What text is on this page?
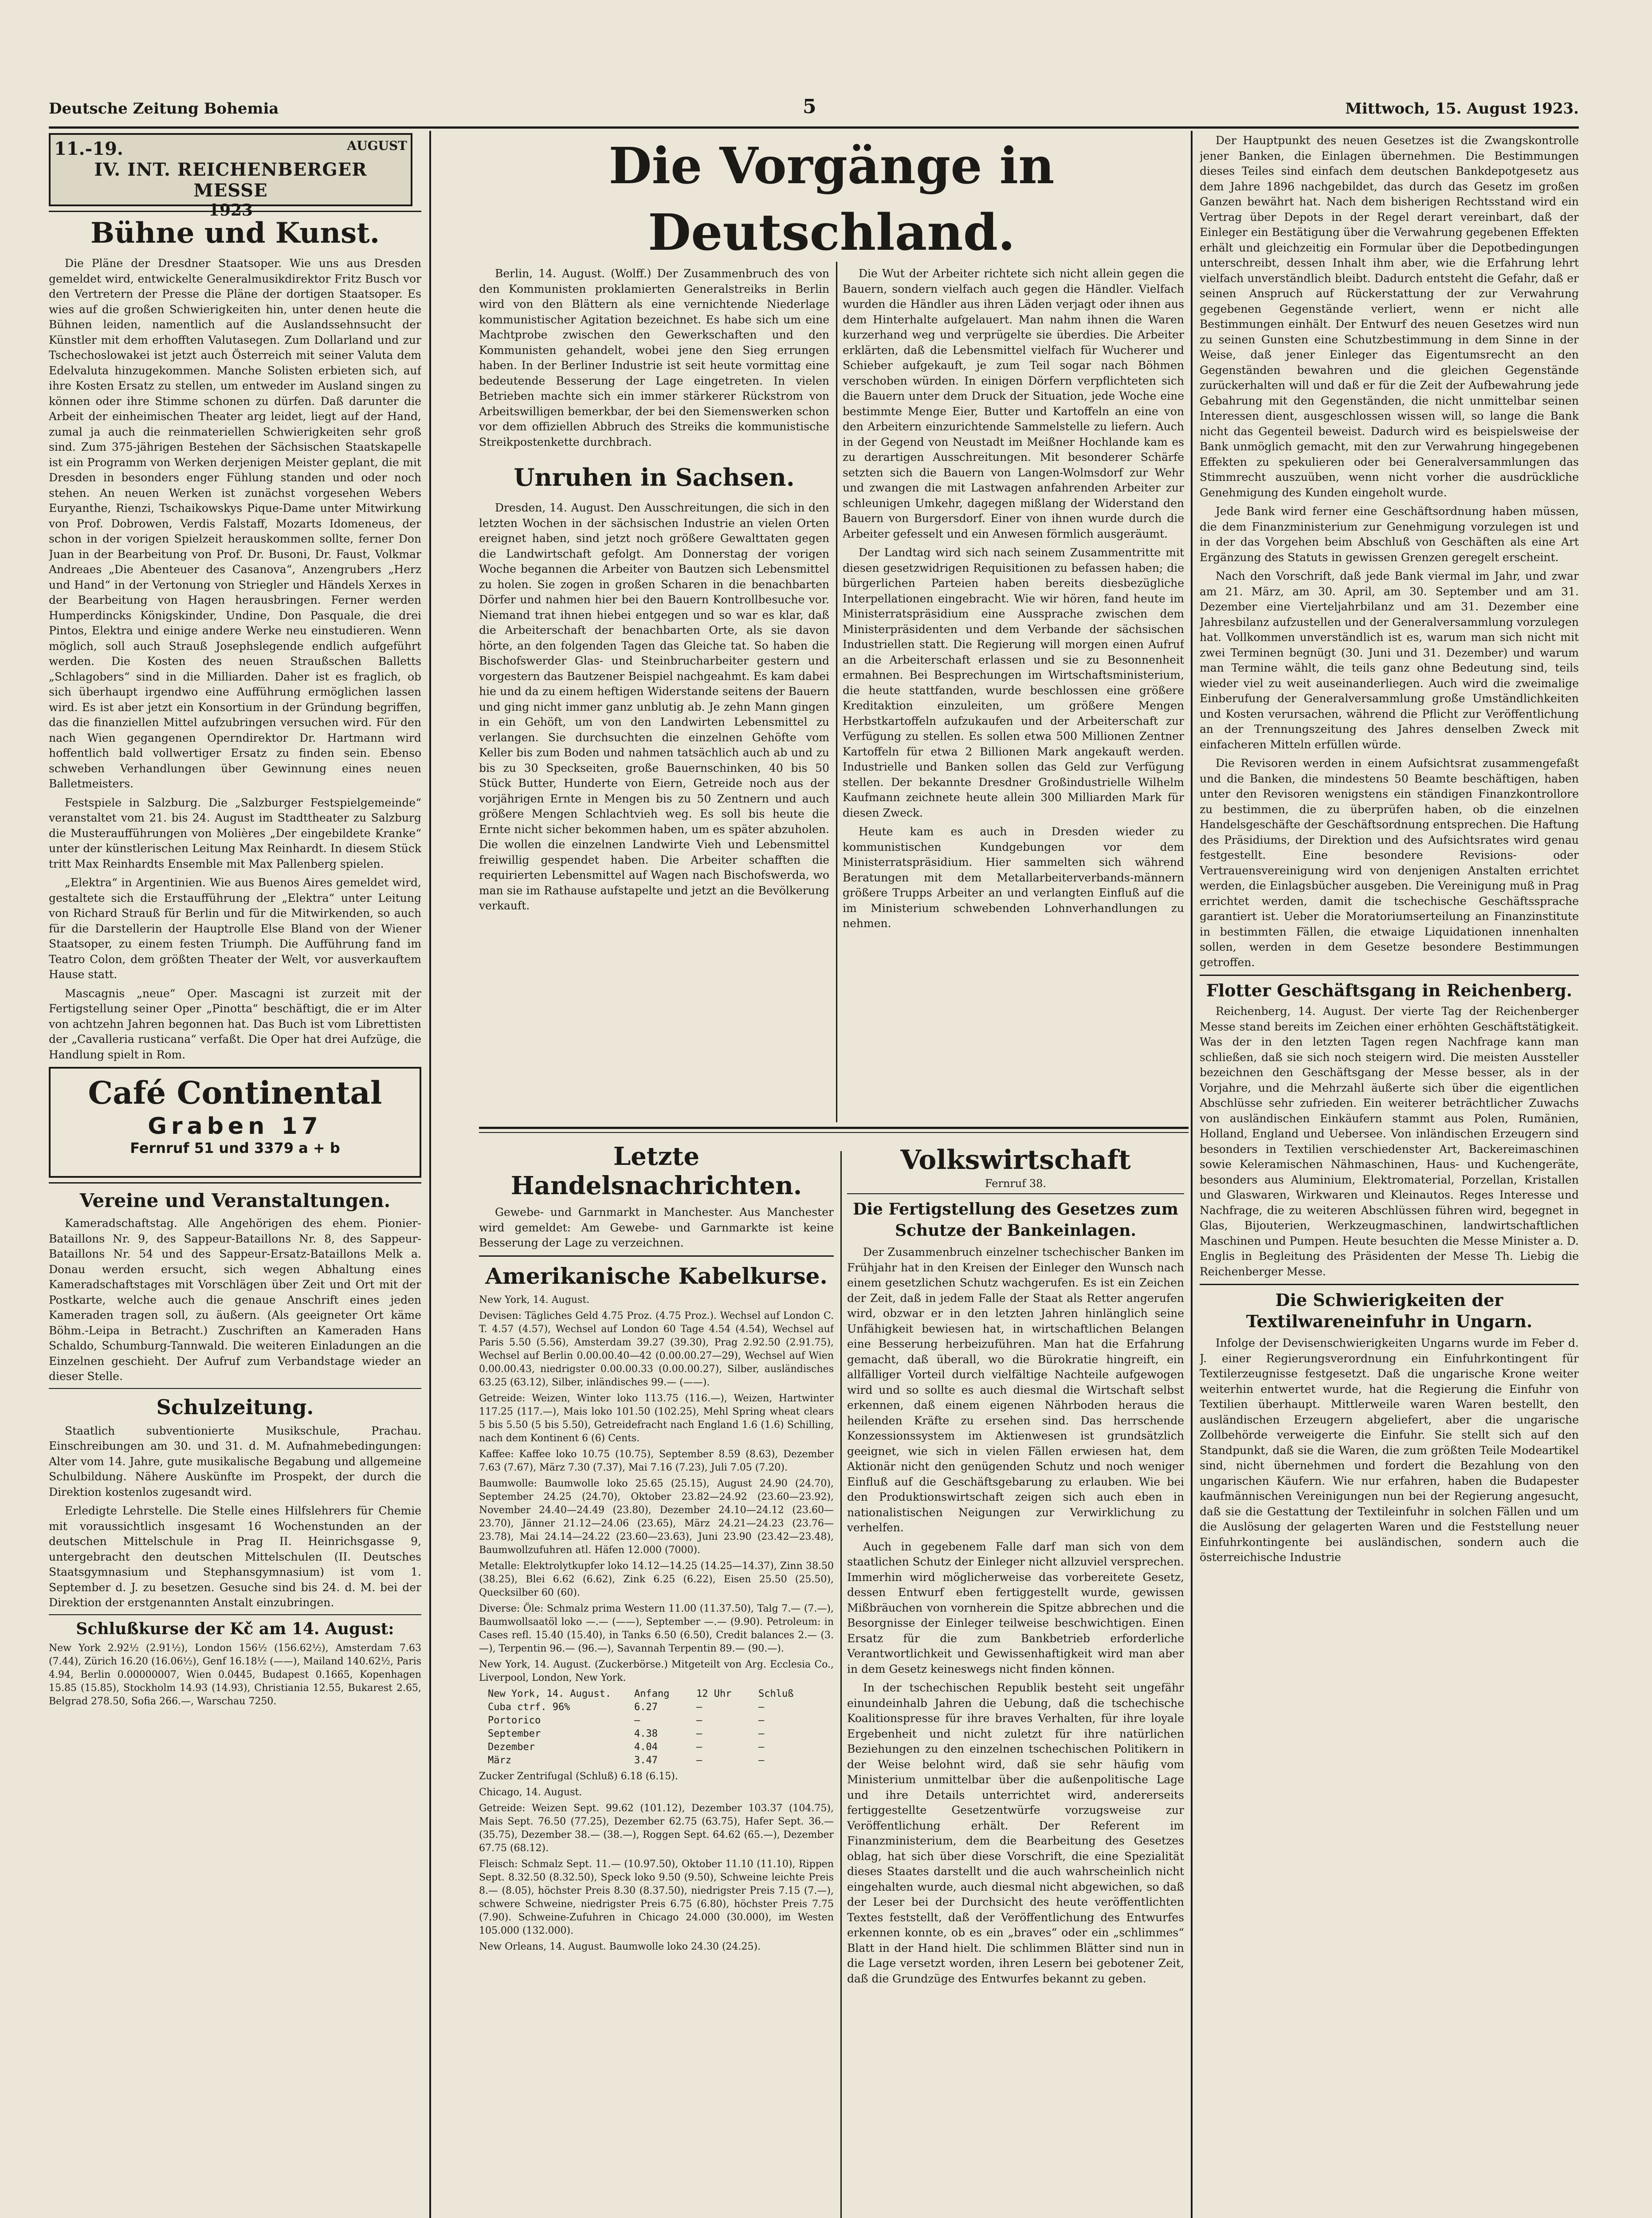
Deutsche Zeitung Bohemia	5	Mittwoch, 15. August 1923.
11.-19.	AUGUST
IV. INT. REICHENBERGER MESSE
1923
Bühne und Kunst.

Die Pläne der Dresdner Staatsoper. Wie uns aus Dresden gemeldet wird, entwickelte Generalmusikdirektor Fritz Busch vor den Vertretern der Presse die Pläne der dortigen Staatsoper. Es wies auf die großen Schwierigkeiten hin, unter denen heute die Bühnen leiden, namentlich auf die Auslandssehnsucht der Künstler mit dem erhofften Valutasegen. Zum Dollarland und zur Tschechoslowakei ist jetzt auch Österreich mit seiner Valuta dem Edelvaluta hinzugekommen. Manche Solisten erbieten sich, auf ihre Kosten Ersatz zu stellen, um entweder im Ausland singen zu können oder ihre Stimme schonen zu dürfen. Daß darunter die Arbeit der einheimischen Theater arg leidet, liegt auf der Hand, zumal ja auch die reinmateriellen Schwierigkeiten sehr groß sind. Zum 375-jährigen Bestehen der Sächsischen Staatskapelle ist ein Programm von Werken derjenigen Meister geplant, die mit Dresden in besonders enger Fühlung standen und oder noch stehen. An neuen Werken ist zunächst vorgesehen Webers Euryanthe, Rienzi, Tschaikowskys Pique-Dame unter Mitwirkung von Prof. Dobrowen, Verdis Falstaff, Mozarts Idomeneus, der schon in der vorigen Spielzeit herauskommen sollte, ferner Don Juan in der Bearbeitung von Prof. Dr. Busoni, Dr. Faust, Volkmar Andreaes „Die Abenteuer des Casanova“, Anzengrubers „Herz und Hand“ in der Vertonung von Striegler und Händels Xerxes in der Bearbeitung von Hagen herausbringen. Ferner werden Humperdincks Königskinder, Undine, Don Pasquale, die drei Pintos, Elektra und einige andere Werke neu einstudieren. Wenn möglich, soll auch Strauß Josephslegende endlich aufgeführt werden. Die Kosten des neuen Straußschen Balletts „Schlagobers“ sind in die Milliarden. Daher ist es fraglich, ob sich überhaupt irgendwo eine Aufführung ermöglichen lassen wird. Es ist aber jetzt ein Konsortium in der Gründung begriffen, das die finanziellen Mittel aufzubringen versuchen wird. Für den nach Wien gegangenen Operndirektor Dr. Hartmann wird hoffentlich bald vollwertiger Ersatz zu finden sein. Ebenso schweben Verhandlungen über Gewinnung eines neuen Balletmeisters.

Festspiele in Salzburg. Die „Salzburger Festspielgemeinde“ veranstaltet vom 21. bis 24. August im Stadttheater zu Salzburg die Musteraufführungen von Molières „Der eingebildete Kranke“ unter der künstlerischen Leitung Max Reinhardt. In diesem Stück tritt Max Reinhardts Ensemble mit Max Pallenberg spielen.

„Elektra“ in Argentinien. Wie aus Buenos Aires gemeldet wird, gestaltete sich die Erstaufführung der „Elektra“ unter Leitung von Richard Strauß für Berlin und für die Mitwirkenden, so auch für die Darstellerin der Hauptrolle Else Bland von der Wiener Staatsoper, zu einem festen Triumph. Die Aufführung fand im Teatro Colon, dem größten Theater der Welt, vor ausverkauftem Hause statt.

Mascagnis „neue“ Oper. Mascagni ist zurzeit mit der Fertigstellung seiner Oper „Pinotta“ beschäftigt, die er im Alter von achtzehn Jahren begonnen hat. Das Buch ist vom Librettisten der „Cavalleria rusticana“ verfaßt. Die Oper hat drei Aufzüge, die Handlung spielt in Rom.

Café Continental
Graben 17
Fernruf 51 und 3379 a + b
Vereine und Veranstaltungen.

Kameradschaftstag. Alle Angehörigen des ehem. Pionier-Bataillons Nr. 9, des Sappeur-Bataillons Nr. 8, des Sappeur-Bataillons Nr. 54 und des Sappeur-Ersatz-Bataillons Melk a. Donau werden ersucht, sich wegen Abhaltung eines Kameradschaftstages mit Vorschlägen über Zeit und Ort mit der Postkarte, welche auch die genaue Anschrift eines jeden Kameraden tragen soll, zu äußern. (Als geeigneter Ort käme Böhm.-Leipa in Betracht.) Zuschriften an Kameraden Hans Schaldo, Schumburg-Tannwald. Die weiteren Einladungen an die Einzelnen geschieht. Der Aufruf zum Verbandstage wieder an dieser Stelle.

Schulzeitung.

Staatlich subventionierte Musikschule, Prachau. Einschreibungen am 30. und 31. d. M. Aufnahmebedingungen: Alter vom 14. Jahre, gute musikalische Begabung und allgemeine Schulbildung. Nähere Auskünfte im Prospekt, der durch die Direktion kostenlos zugesandt wird.

Erledigte Lehrstelle. Die Stelle eines Hilfslehrers für Chemie mit voraussichtlich insgesamt 16 Wochenstunden an der deutschen Mittelschule in Prag II. Heinrichsgasse 9, untergebracht den deutschen Mittelschulen (II. Deutsches Staatsgymnasium und Stephansgymnasium) ist vom 1. September d. J. zu besetzen. Gesuche sind bis 24. d. M. bei der Direktion der erstgenannten Anstalt einzubringen.

Schlußkurse der Kč am 14. August:

New York 2.92½ (2.91½), London 156½ (156.62½), Amsterdam 7.63 (7.44), Zürich 16.20 (16.06½), Genf 16.18½ (——), Mailand 140.62½, Paris 4.94, Berlin 0.00000007, Wien 0.0445, Budapest 0.1665, Kopenhagen 15.85 (15.85), Stockholm 14.93 (14.93), Christiania 12.55, Bukarest 2.65, Belgrad 278.50, Sofia 266.—, Warschau 7250.

Die Vorgänge in Deutschland.

Berlin, 14. August. (Wolff.) Der Zusammenbruch des von den Kommunisten proklamierten Generalstreiks in Berlin wird von den Blättern als eine vernichtende Niederlage kommunistischer Agitation bezeichnet. Es habe sich um eine Machtprobe zwischen den Gewerkschaften und den Kommunisten gehandelt, wobei jene den Sieg errungen haben. In der Berliner Industrie ist seit heute vormittag eine bedeutende Besserung der Lage eingetreten. In vielen Betrieben machte sich ein immer stärkerer Rückstrom von Arbeitswilligen bemerkbar, der bei den Siemenswerken schon vor dem offiziellen Abbruch des Streiks die kommunistische Streikpostenkette durchbrach.

Unruhen in Sachsen.

Dresden, 14. August. Den Ausschreitungen, die sich in den letzten Wochen in der sächsischen Industrie an vielen Orten ereignet haben, sind jetzt noch größere Gewalttaten gegen die Landwirtschaft gefolgt. Am Donnerstag der vorigen Woche begannen die Arbeiter von Bautzen sich Lebensmittel zu holen. Sie zogen in großen Scharen in die benachbarten Dörfer und nahmen hier bei den Bauern Kontrollbesuche vor. Niemand trat ihnen hiebei entgegen und so war es klar, daß die Arbeiterschaft der benachbarten Orte, als sie davon hörte, an den folgenden Tagen das Gleiche tat. So haben die Bischofswerder Glas- und Steinbrucharbeiter gestern und vorgestern das Bautzener Beispiel nachgeahmt. Es kam dabei hie und da zu einem heftigen Widerstande seitens der Bauern und ging nicht immer ganz unblutig ab. Je zehn Mann gingen in ein Gehöft, um von den Landwirten Lebensmittel zu verlangen. Sie durchsuchten die einzelnen Gehöfte vom Keller bis zum Boden und nahmen tatsächlich auch ab und zu bis zu 30 Speckseiten, große Bauernschinken, 40 bis 50 Stück Butter, Hunderte von Eiern, Getreide noch aus der vorjährigen Ernte in Mengen bis zu 50 Zentnern und auch größere Mengen Schlachtvieh weg. Es soll bis heute die Ernte nicht sicher bekommen haben, um es später abzuholen. Die wollen die einzelnen Landwirte Vieh und Lebensmittel freiwillig gespendet haben. Die Arbeiter schafften die requirierten Lebensmittel auf Wagen nach Bischofswerda, wo man sie im Rathause aufstapelte und jetzt an die Bevölkerung verkauft.

Die Wut der Arbeiter richtete sich nicht allein gegen die Bauern, sondern vielfach auch gegen die Händler. Vielfach wurden die Händler aus ihren Läden verjagt oder ihnen aus dem Hinterhalte aufgelauert. Man nahm ihnen die Waren kurzerhand weg und verprügelte sie überdies. Die Arbeiter erklärten, daß die Lebensmittel vielfach für Wucherer und Schieber aufgekauft, je zum Teil sogar nach Böhmen verschoben würden. In einigen Dörfern verpflichteten sich die Bauern unter dem Druck der Situation, jede Woche eine bestimmte Menge Eier, Butter und Kartoffeln an eine von den Arbeitern einzurichtende Sammelstelle zu liefern. Auch in der Gegend von Neustadt im Meißner Hochlande kam es zu derartigen Ausschreitungen. Mit besonderer Schärfe setzten sich die Bauern von Langen-Wolmsdorf zur Wehr und zwangen die mit Lastwagen anfahrenden Arbeiter zur schleunigen Umkehr, dagegen mißlang der Widerstand den Bauern von Burgersdorf. Einer von ihnen wurde durch die Arbeiter gefesselt und ein Anwesen förmlich ausgeräumt.

Der Landtag wird sich nach seinem Zusammentritte mit diesen gesetzwidrigen Requisitionen zu befassen haben; die bürgerlichen Parteien haben bereits diesbezügliche Interpellationen eingebracht. Wie wir hören, fand heute im Ministerratspräsidium eine Aussprache zwischen dem Ministerpräsidenten und dem Verbande der sächsischen Industriellen statt. Die Regierung will morgen einen Aufruf an die Arbeiterschaft erlassen und sie zu Besonnenheit ermahnen. Bei Besprechungen im Wirtschaftsministerium, die heute stattfanden, wurde beschlossen eine größere Kreditaktion einzuleiten, um größere Mengen Herbstkartoffeln aufzukaufen und der Arbeiterschaft zur Verfügung zu stellen. Es sollen etwa 500 Millionen Zentner Kartoffeln für etwa 2 Billionen Mark angekauft werden. Industrielle und Banken sollen das Geld zur Verfügung stellen. Der bekannte Dresdner Großindustrielle Wilhelm Kaufmann zeichnete heute allein 300 Milliarden Mark für diesen Zweck.

Heute kam es auch in Dresden wieder zu kommunistischen Kundgebungen vor dem Ministerratspräsidium. Hier sammelten sich während Beratungen mit dem Metallarbeiterverbands-männern größere Trupps Arbeiter an und verlangten Einfluß auf die im Ministerium schwebenden Lohnverhandlungen zu nehmen.

Letzte Handelsnachrichten.

Gewebe- und Garnmarkt in Manchester. Aus Manchester wird gemeldet: Am Gewebe- und Garnmarkte ist keine Besserung der Lage zu verzeichnen.

Amerikanische Kabelkurse.

New York, 14. August.

Devisen: Tägliches Geld 4.75 Proz. (4.75 Proz.). Wechsel auf London C. T. 4.57 (4.57), Wechsel auf London 60 Tage 4.54 (4.54), Wechsel auf Paris 5.50 (5.56), Amsterdam 39.27 (39.30), Prag 2.92.50 (2.91.75), Wechsel auf Berlin 0.00.00.40—42 (0.00.00.27—29), Wechsel auf Wien 0.00.00.43, niedrigster 0.00.00.33 (0.00.00.27), Silber, ausländisches 63.25 (63.12), Silber, inländisches 99.— (——).

Getreide: Weizen, Winter loko 113.75 (116.—), Weizen, Hartwinter 117.25 (117.—), Mais loko 101.50 (102.25), Mehl Spring wheat clears 5 bis 5.50 (5 bis 5.50), Getreidefracht nach England 1.6 (1.6) Schilling, nach dem Kontinent 6 (6) Cents.

Kaffee: Kaffee loko 10.75 (10.75), September 8.59 (8.63), Dezember 7.63 (7.67), März 7.30 (7.37), Mai 7.16 (7.23), Juli 7.05 (7.20).

Baumwolle: Baumwolle loko 25.65 (25.15), August 24.90 (24.70), September 24.25 (24.70), Oktober 23.82—24.92 (23.60—23.92), November 24.40—24.49 (23.80), Dezember 24.10—24.12 (23.60—23.70), Jänner 21.12—24.06 (23.65), März 24.21—24.23 (23.76—23.78), Mai 24.14—24.22 (23.60—23.63), Juni 23.90 (23.42—23.48), Baumwollzufuhren atl. Häfen 12.000 (7000).

Metalle: Elektrolytkupfer loko 14.12—14.25 (14.25—14.37), Zinn 38.50 (38.25), Blei 6.62 (6.62), Zink 6.25 (6.22), Eisen 25.50 (25.50), Quecksilber 60 (60).

Diverse: Öle: Schmalz prima Western 11.00 (11.37.50), Talg 7.— (7.—), Baumwollsaatöl loko —.— (——), September —.— (9.90). Petroleum: in Cases refl. 15.40 (15.40), in Tanks 6.50 (6.50), Credit balances 2.— (3.—), Terpentin 96.— (96.—), Savannah Terpentin 89.— (90.—).

New York, 14. August. (Zuckerbörse.) Mitgeteilt von Arg. Ecclesia Co., Liverpool, London, New York.

New York, 14. August.	Anfang	12 Uhr	Schluß
Cuba ctrf. 96%	6.27	—	—
Portorico	—	—	—
September	4.38	—	—
Dezember	4.04	—	—
März	3.47	—	—

Zucker Zentrifugal (Schluß) 6.18 (6.15).

Chicago, 14. August.

Getreide: Weizen Sept. 99.62 (101.12), Dezember 103.37 (104.75), Mais Sept. 76.50 (77.25), Dezember 62.75 (63.75), Hafer Sept. 36.— (35.75), Dezember 38.— (38.—), Roggen Sept. 64.62 (65.—), Dezember 67.75 (68.12).

Fleisch: Schmalz Sept. 11.— (10.97.50), Oktober 11.10 (11.10), Rippen Sept. 8.32.50 (8.32.50), Speck loko 9.50 (9.50), Schweine leichte Preis 8.— (8.05), höchster Preis 8.30 (8.37.50), niedrigster Preis 7.15 (7.—), schwere Schweine, niedrigster Preis 6.75 (6.80), höchster Preis 7.75 (7.90). Schweine-Zufuhren in Chicago 24.000 (30.000), im Westen 105.000 (132.000).

New Orleans, 14. August. Baumwolle loko 24.30 (24.25).

Volkswirtschaft
Fernruf 38.
Die Fertigstellung des Gesetzes zum Schutze der Bankeinlagen.

Der Zusammenbruch einzelner tschechischer Banken im Frühjahr hat in den Kreisen der Einleger den Wunsch nach einem gesetzlichen Schutz wachgerufen. Es ist ein Zeichen der Zeit, daß in jedem Falle der Staat als Retter angerufen wird, obzwar er in den letzten Jahren hinlänglich seine Unfähigkeit bewiesen hat, in wirtschaftlichen Belangen eine Besserung herbeizuführen. Man hat die Erfahrung gemacht, daß überall, wo die Bürokratie hingreift, ein allfälliger Vorteil durch vielfältige Nachteile aufgewogen wird und so sollte es auch diesmal die Wirtschaft selbst erkennen, daß einem eigenen Nährboden heraus die heilenden Kräfte zu ersehen sind. Das herrschende Konzessionssystem im Aktienwesen ist grundsätzlich geeignet, wie sich in vielen Fällen erwiesen hat, dem Aktionär nicht den genügenden Schutz und noch weniger Einfluß auf die Geschäftsgebarung zu erlauben. Wie bei den Produktionswirtschaft zeigen sich auch eben in nationalistischen Neigungen zur Verwirklichung zu verhelfen.

Auch in gegebenem Falle darf man sich von dem staatlichen Schutz der Einleger nicht allzuviel versprechen. Immerhin wird möglicherweise das vorbereitete Gesetz, dessen Entwurf eben fertiggestellt wurde, gewissen Mißbräuchen von vornherein die Spitze abbrechen und die Besorgnisse der Einleger teilweise beschwichtigen. Einen Ersatz für die zum Bankbetrieb erforderliche Verantwortlichkeit und Gewissenhaftigkeit wird man aber in dem Gesetz keineswegs nicht finden können.

In der tschechischen Republik besteht seit ungefähr einundeinhalb Jahren die Uebung, daß die tschechische Koalitionspresse für ihre braves Verhalten, für ihre loyale Ergebenheit und nicht zuletzt für ihre natürlichen Beziehungen zu den einzelnen tschechischen Politikern in der Weise belohnt wird, daß sie sehr häufig vom Ministerium unmittelbar über die außenpolitische Lage und ihre Details unterrichtet wird, andererseits fertiggestellte Gesetzentwürfe vorzugsweise zur Veröffentlichung erhält. Der Referent im Finanzministerium, dem die Bearbeitung des Gesetzes oblag, hat sich über diese Vorschrift, die eine Spezialität dieses Staates darstellt und die auch wahrscheinlich nicht eingehalten wurde, auch diesmal nicht abgewichen, so daß der Leser bei der Durchsicht des heute veröffentlichten Textes feststellt, daß der Veröffentlichung des Entwurfes erkennen konnte, ob es ein „braves“ oder ein „schlimmes“ Blatt in der Hand hielt. Die schlimmen Blätter sind nun in die Lage versetzt worden, ihren Lesern bei gebotener Zeit, daß die Grundzüge des Entwurfes bekannt zu geben.

Der Hauptpunkt des neuen Gesetzes ist die Zwangskontrolle jener Banken, die Einlagen übernehmen. Die Bestimmungen dieses Teiles sind einfach dem deutschen Bankdepotgesetz aus dem Jahre 1896 nachgebildet, das durch das Gesetz im großen Ganzen bewährt hat. Nach dem bisherigen Rechtsstand wird ein Vertrag über Depots in der Regel derart vereinbart, daß der Einleger ein Bestätigung über die Verwahrung gegebenen Effekten erhält und gleichzeitig ein Formular über die Depotbedingungen unterschreibt, dessen Inhalt ihm aber, wie die Erfahrung lehrt vielfach unverständlich bleibt. Dadurch entsteht die Gefahr, daß er seinen Anspruch auf Rückerstattung der zur Verwahrung gegebenen Gegenstände verliert, wenn er nicht alle Bestimmungen einhält. Der Entwurf des neuen Gesetzes wird nun zu seinen Gunsten eine Schutzbestimmung in dem Sinne in der Weise, daß jener Einleger das Eigentumsrecht an den Gegenständen bewahren und die gleichen Gegenstände zurückerhalten will und daß er für die Zeit der Aufbewahrung jede Gebahrung mit den Gegenständen, die nicht unmittelbar seinen Interessen dient, ausgeschlossen wissen will, so lange die Bank nicht das Gegenteil beweist. Dadurch wird es beispielsweise der Bank unmöglich gemacht, mit den zur Verwahrung hingegebenen Effekten zu spekulieren oder bei Generalversammlungen das Stimmrecht auszuüben, wenn nicht vorher die ausdrückliche Genehmigung des Kunden eingeholt wurde.

Jede Bank wird ferner eine Geschäftsordnung haben müssen, die dem Finanzministerium zur Genehmigung vorzulegen ist und in der das Vorgehen beim Abschluß von Geschäften als eine Art Ergänzung des Statuts in gewissen Grenzen geregelt erscheint.

Nach den Vorschrift, daß jede Bank viermal im Jahr, und zwar am 21. März, am 30. April, am 30. September und am 31. Dezember eine Vierteljahrbilanz und am 31. Dezember eine Jahresbilanz aufzustellen und der Generalversammlung vorzulegen hat. Vollkommen unverständlich ist es, warum man sich nicht mit zwei Terminen begnügt (30. Juni und 31. Dezember) und warum man Termine wählt, die teils ganz ohne Bedeutung sind, teils wieder viel zu weit auseinanderliegen. Auch wird die zweimalige Einberufung der Generalversammlung große Umständlichkeiten und Kosten verursachen, während die Pflicht zur Veröffentlichung an der Trennungszeitung des Jahres denselben Zweck mit einfacheren Mitteln erfüllen würde.

Die Revisoren werden in einem Aufsichtsrat zusammengefaßt und die Banken, die mindestens 50 Beamte beschäftigen, haben unter den Revisoren wenigstens ein ständigen Finanzkontrollore zu bestimmen, die zu überprüfen haben, ob die einzelnen Handelsgeschäfte der Geschäftsordnung entsprechen. Die Haftung des Präsidiums, der Direktion und des Aufsichtsrates wird genau festgestellt. Eine besondere Revisions- oder Vertrauensvereinigung wird von denjenigen Anstalten errichtet werden, die Einlagsbücher ausgeben. Die Vereinigung muß in Prag errichtet werden, damit die tschechische Geschäftssprache garantiert ist. Ueber die Moratoriumserteilung an Finanzinstitute in bestimmten Fällen, die etwaige Liquidationen innenhalten sollen, werden in dem Gesetze besondere Bestimmungen getroffen.

Flotter Geschäftsgang in Reichenberg.

Reichenberg, 14. August. Der vierte Tag der Reichenberger Messe stand bereits im Zeichen einer erhöhten Geschäftstätigkeit. Was der in den letzten Tagen regen Nachfrage kann man schließen, daß sie sich noch steigern wird. Die meisten Aussteller bezeichnen den Geschäftsgang der Messe besser, als in der Vorjahre, und die Mehrzahl äußerte sich über die eigentlichen Abschlüsse sehr zufrieden. Ein weiterer beträchtlicher Zuwachs von ausländischen Einkäufern stammt aus Polen, Rumänien, Holland, England und Uebersee. Von inländischen Erzeugern sind besonders in Textilien verschiedenster Art, Backereimaschinen sowie Keleramischen Nähmaschinen, Haus- und Kuchengeräte, besonders aus Aluminium, Elektromaterial, Porzellan, Kristallen und Glaswaren, Wirkwaren und Kleinautos. Reges Interesse und Nachfrage, die zu weiteren Abschlüssen führen wird, begegnet in Glas, Bijouterien, Werkzeugmaschinen, landwirtschaftlichen Maschinen und Pumpen. Heute besuchten die Messe Minister a. D. Englis in Begleitung des Präsidenten der Messe Th. Liebig die Reichenberger Messe.

Die Schwierigkeiten der Textilwareneinfuhr in Ungarn.

Infolge der Devisenschwierigkeiten Ungarns wurde im Feber d. J. einer Regierungsverordnung ein Einfuhrkontingent für Textilerzeugnisse festgesetzt. Daß die ungarische Krone weiter weiterhin entwertet wurde, hat die Regierung die Einfuhr von Textilien überhaupt. Mittlerweile waren Waren bestellt, den ausländischen Erzeugern abgeliefert, aber die ungarische Zollbehörde verweigerte die Einfuhr. Sie stellt sich auf den Standpunkt, daß sie die Waren, die zum größten Teile Modeartikel sind, nicht übernehmen und fordert die Bezahlung von den ungarischen Käufern. Wie nur erfahren, haben die Budapester kaufmännischen Vereinigungen nun bei der Regierung angesucht, daß sie die Gestattung der Textileinfuhr in solchen Fällen und um die Auslösung der gelagerten Waren und die Feststellung neuer Einfuhrkontingente bei ausländischen, sondern auch die österreichische Industrie
